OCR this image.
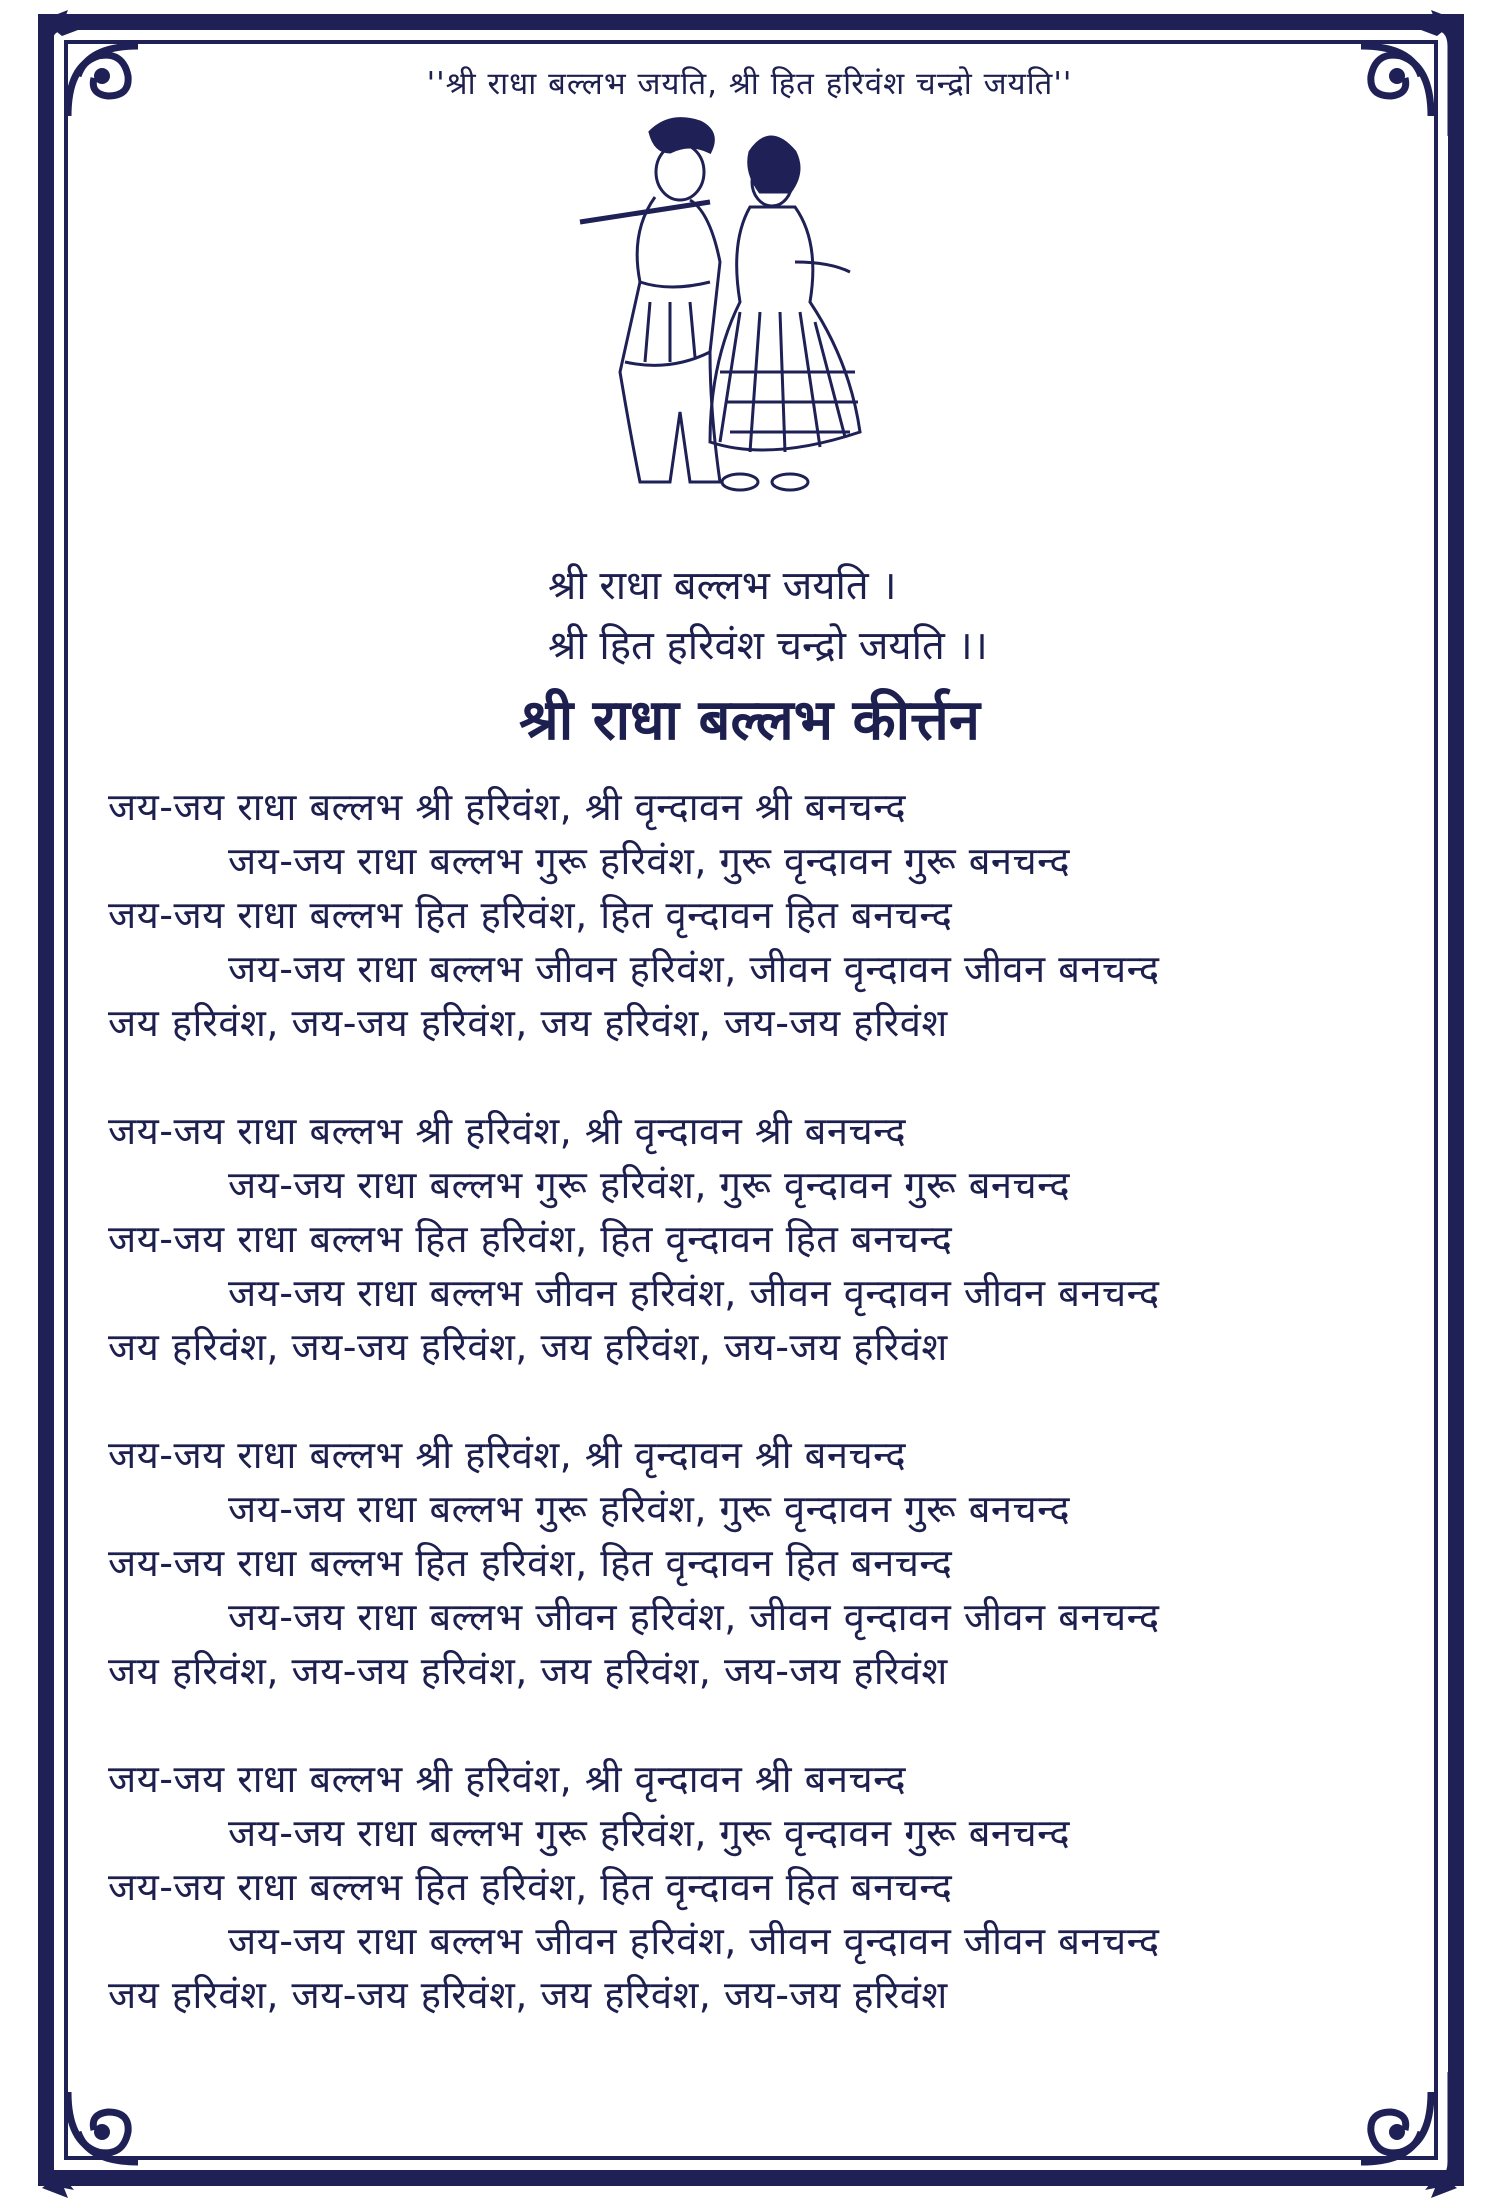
''श्री राधा बल्लभ जयति, श्री हित हरिवंश चन्द्रो जयति''
श्री राधा बल्लभ जयति ।
श्री हित हरिवंश चन्द्रो जयति ।।
श्री राधा बल्लभ कीर्त्तन
जय-जय राधा बल्लभ श्री हरिवंश, श्री वृन्दावन श्री बनचन्द
जय-जय राधा बल्लभ गुरू हरिवंश, गुरू वृन्दावन गुरू बनचन्द
जय-जय राधा बल्लभ हित हरिवंश, हित वृन्दावन हित बनचन्द
जय-जय राधा बल्लभ जीवन हरिवंश, जीवन वृन्दावन जीवन बनचन्द
जय हरिवंश, जय-जय हरिवंश, जय हरिवंश, जय-जय हरिवंश
जय-जय राधा बल्लभ श्री हरिवंश, श्री वृन्दावन श्री बनचन्द
जय-जय राधा बल्लभ गुरू हरिवंश, गुरू वृन्दावन गुरू बनचन्द
जय-जय राधा बल्लभ हित हरिवंश, हित वृन्दावन हित बनचन्द
जय-जय राधा बल्लभ जीवन हरिवंश, जीवन वृन्दावन जीवन बनचन्द
जय हरिवंश, जय-जय हरिवंश, जय हरिवंश, जय-जय हरिवंश
जय-जय राधा बल्लभ श्री हरिवंश, श्री वृन्दावन श्री बनचन्द
जय-जय राधा बल्लभ गुरू हरिवंश, गुरू वृन्दावन गुरू बनचन्द
जय-जय राधा बल्लभ हित हरिवंश, हित वृन्दावन हित बनचन्द
जय-जय राधा बल्लभ जीवन हरिवंश, जीवन वृन्दावन जीवन बनचन्द
जय हरिवंश, जय-जय हरिवंश, जय हरिवंश, जय-जय हरिवंश
जय-जय राधा बल्लभ श्री हरिवंश, श्री वृन्दावन श्री बनचन्द
जय-जय राधा बल्लभ गुरू हरिवंश, गुरू वृन्दावन गुरू बनचन्द
जय-जय राधा बल्लभ हित हरिवंश, हित वृन्दावन हित बनचन्द
जय-जय राधा बल्लभ जीवन हरिवंश, जीवन वृन्दावन जीवन बनचन्द
जय हरिवंश, जय-जय हरिवंश, जय हरिवंश, जय-जय हरिवंश
